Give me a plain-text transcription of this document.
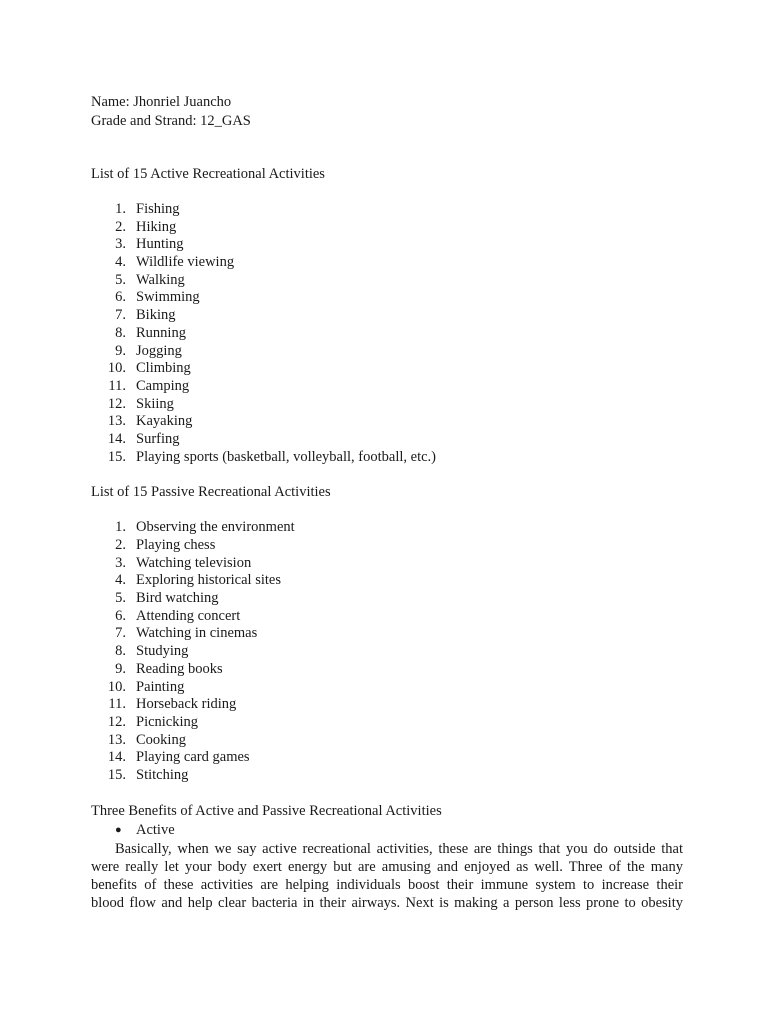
Name: Jhonriel Juancho
Grade and Strand: 12_GAS
List of 15 Active Recreational Activities
1. Fishing
2. Hiking
3. Hunting
4. Wildlife viewing
5. Walking
6. Swimming
7. Biking
8. Running
9. Jogging
10. Climbing
11. Camping
12. Skiing
13. Kayaking
14. Surfing
15. Playing sports (basketball, volleyball, football, etc.)
List of 15 Passive Recreational Activities
1. Observing the environment
2. Playing chess
3. Watching television
4. Exploring historical sites
5. Bird watching
6. Attending concert
7. Watching in cinemas
8. Studying
9. Reading books
10. Painting
11. Horseback riding
12. Picnicking
13. Cooking
14. Playing card games
15. Stitching
Three Benefits of Active and Passive Recreational Activities
● Active
Basically, when we say active recreational activities, these are things that you do outside that
were really let your body exert energy but are amusing and enjoyed as well. Three of the many
benefits of these activities are helping individuals boost their immune system to increase their
blood flow and help clear bacteria in their airways. Next is making a person less prone to obesity
